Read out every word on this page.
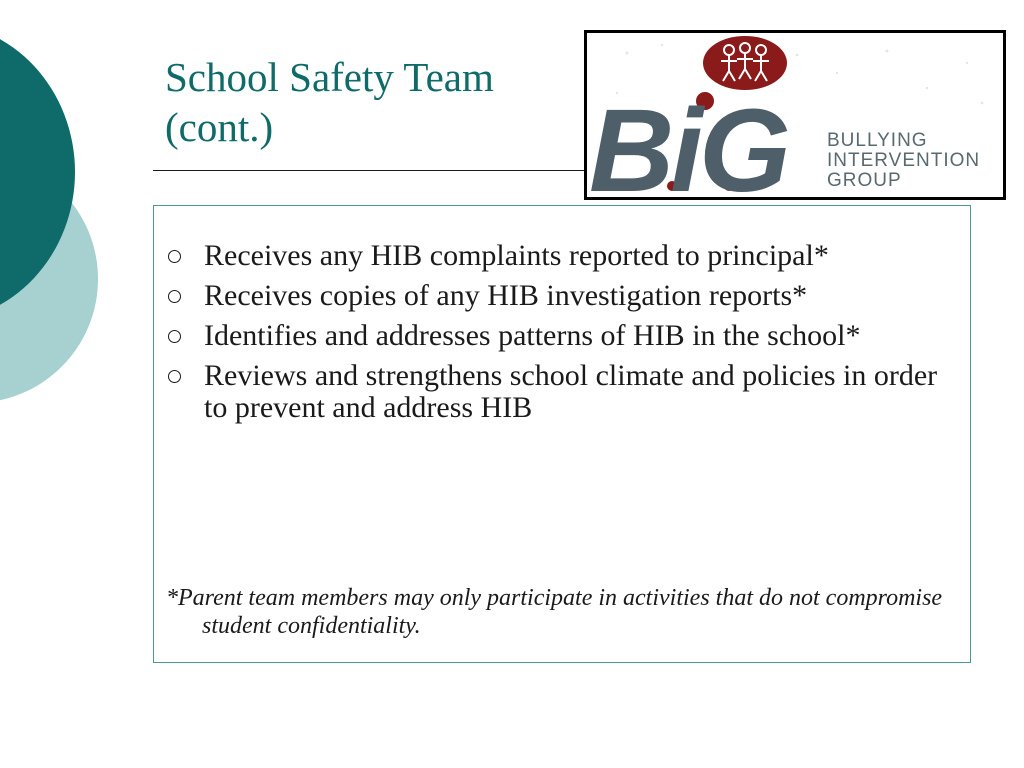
School Safety Team
(cont.)	BiG BULLYING
INTERVENTION
GROUP
Receives any HIB complaints reported to principal*
Receives copies of any HIB investigation reports*
Identifies and addresses patterns of HIB in the school*
Reviews and strengthens school climate and policies in order to prevent and address HIB

*Parent team members may only participate in activities that do not compromise student confidentiality.
